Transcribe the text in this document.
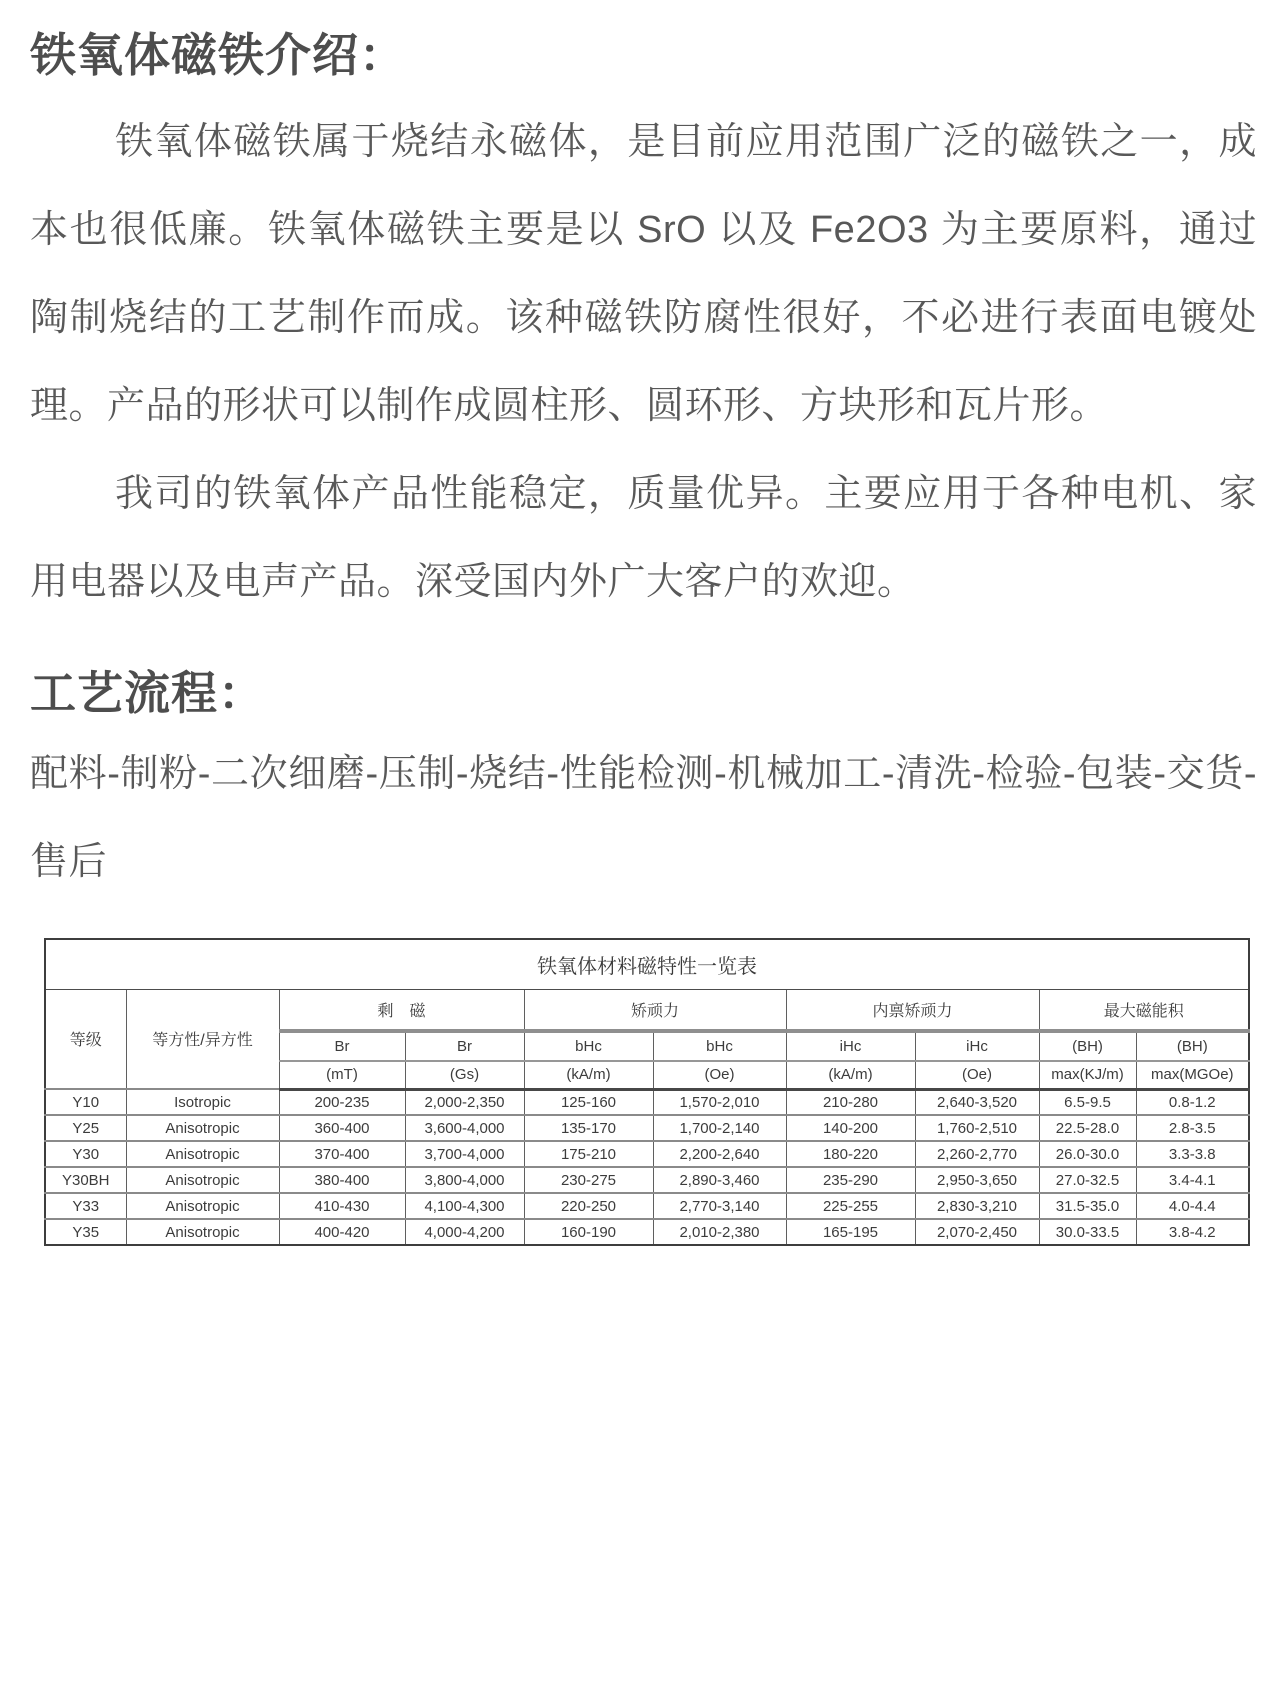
铁氧体磁铁介绍：

铁氧体磁铁属于烧结永磁体，是目前应用范围广泛的磁铁之一，成本也很低廉。铁氧体磁铁主要是以 SrO 以及 Fe2O3 为主要原料，通过陶制烧结的工艺制作而成。该种磁铁防腐性很好，不必进行表面电镀处理。产品的形状可以制作成圆柱形、圆环形、方块形和瓦片形。

我司的铁氧体产品性能稳定，质量优异。主要应用于各种电机、家用电器以及电声产品。深受国内外广大客户的欢迎。

工艺流程：

配料-制粉-二次细磨-压制-烧结-性能检测-机械加工-清洗-检验-包装-交货-售后

铁氧体材料磁特性一览表									
等级	等方性/异方性	剩　磁		矫顽力		内禀矫顽力		最大磁能积	
		Br	Br	bHc	bHc	iHc	iHc	(BH)	(BH)
		(mT)	(Gs)	(kA/m)	(Oe)	(kA/m)	(Oe)	max(KJ/m)	max(MGOe)
Y10	Isotropic	200-235	2,000-2,350	125-160	1,570-2,010	210-280	2,640-3,520	6.5-9.5	0.8-1.2
Y25	Anisotropic	360-400	3,600-4,000	135-170	1,700-2,140	140-200	1,760-2,510	22.5-28.0	2.8-3.5
Y30	Anisotropic	370-400	3,700-4,000	175-210	2,200-2,640	180-220	2,260-2,770	26.0-30.0	3.3-3.8
Y30BH	Anisotropic	380-400	3,800-4,000	230-275	2,890-3,460	235-290	2,950-3,650	27.0-32.5	3.4-4.1
Y33	Anisotropic	410-430	4,100-4,300	220-250	2,770-3,140	225-255	2,830-3,210	31.5-35.0	4.0-4.4
Y35	Anisotropic	400-420	4,000-4,200	160-190	2,010-2,380	165-195	2,070-2,450	30.0-33.5	3.8-4.2
